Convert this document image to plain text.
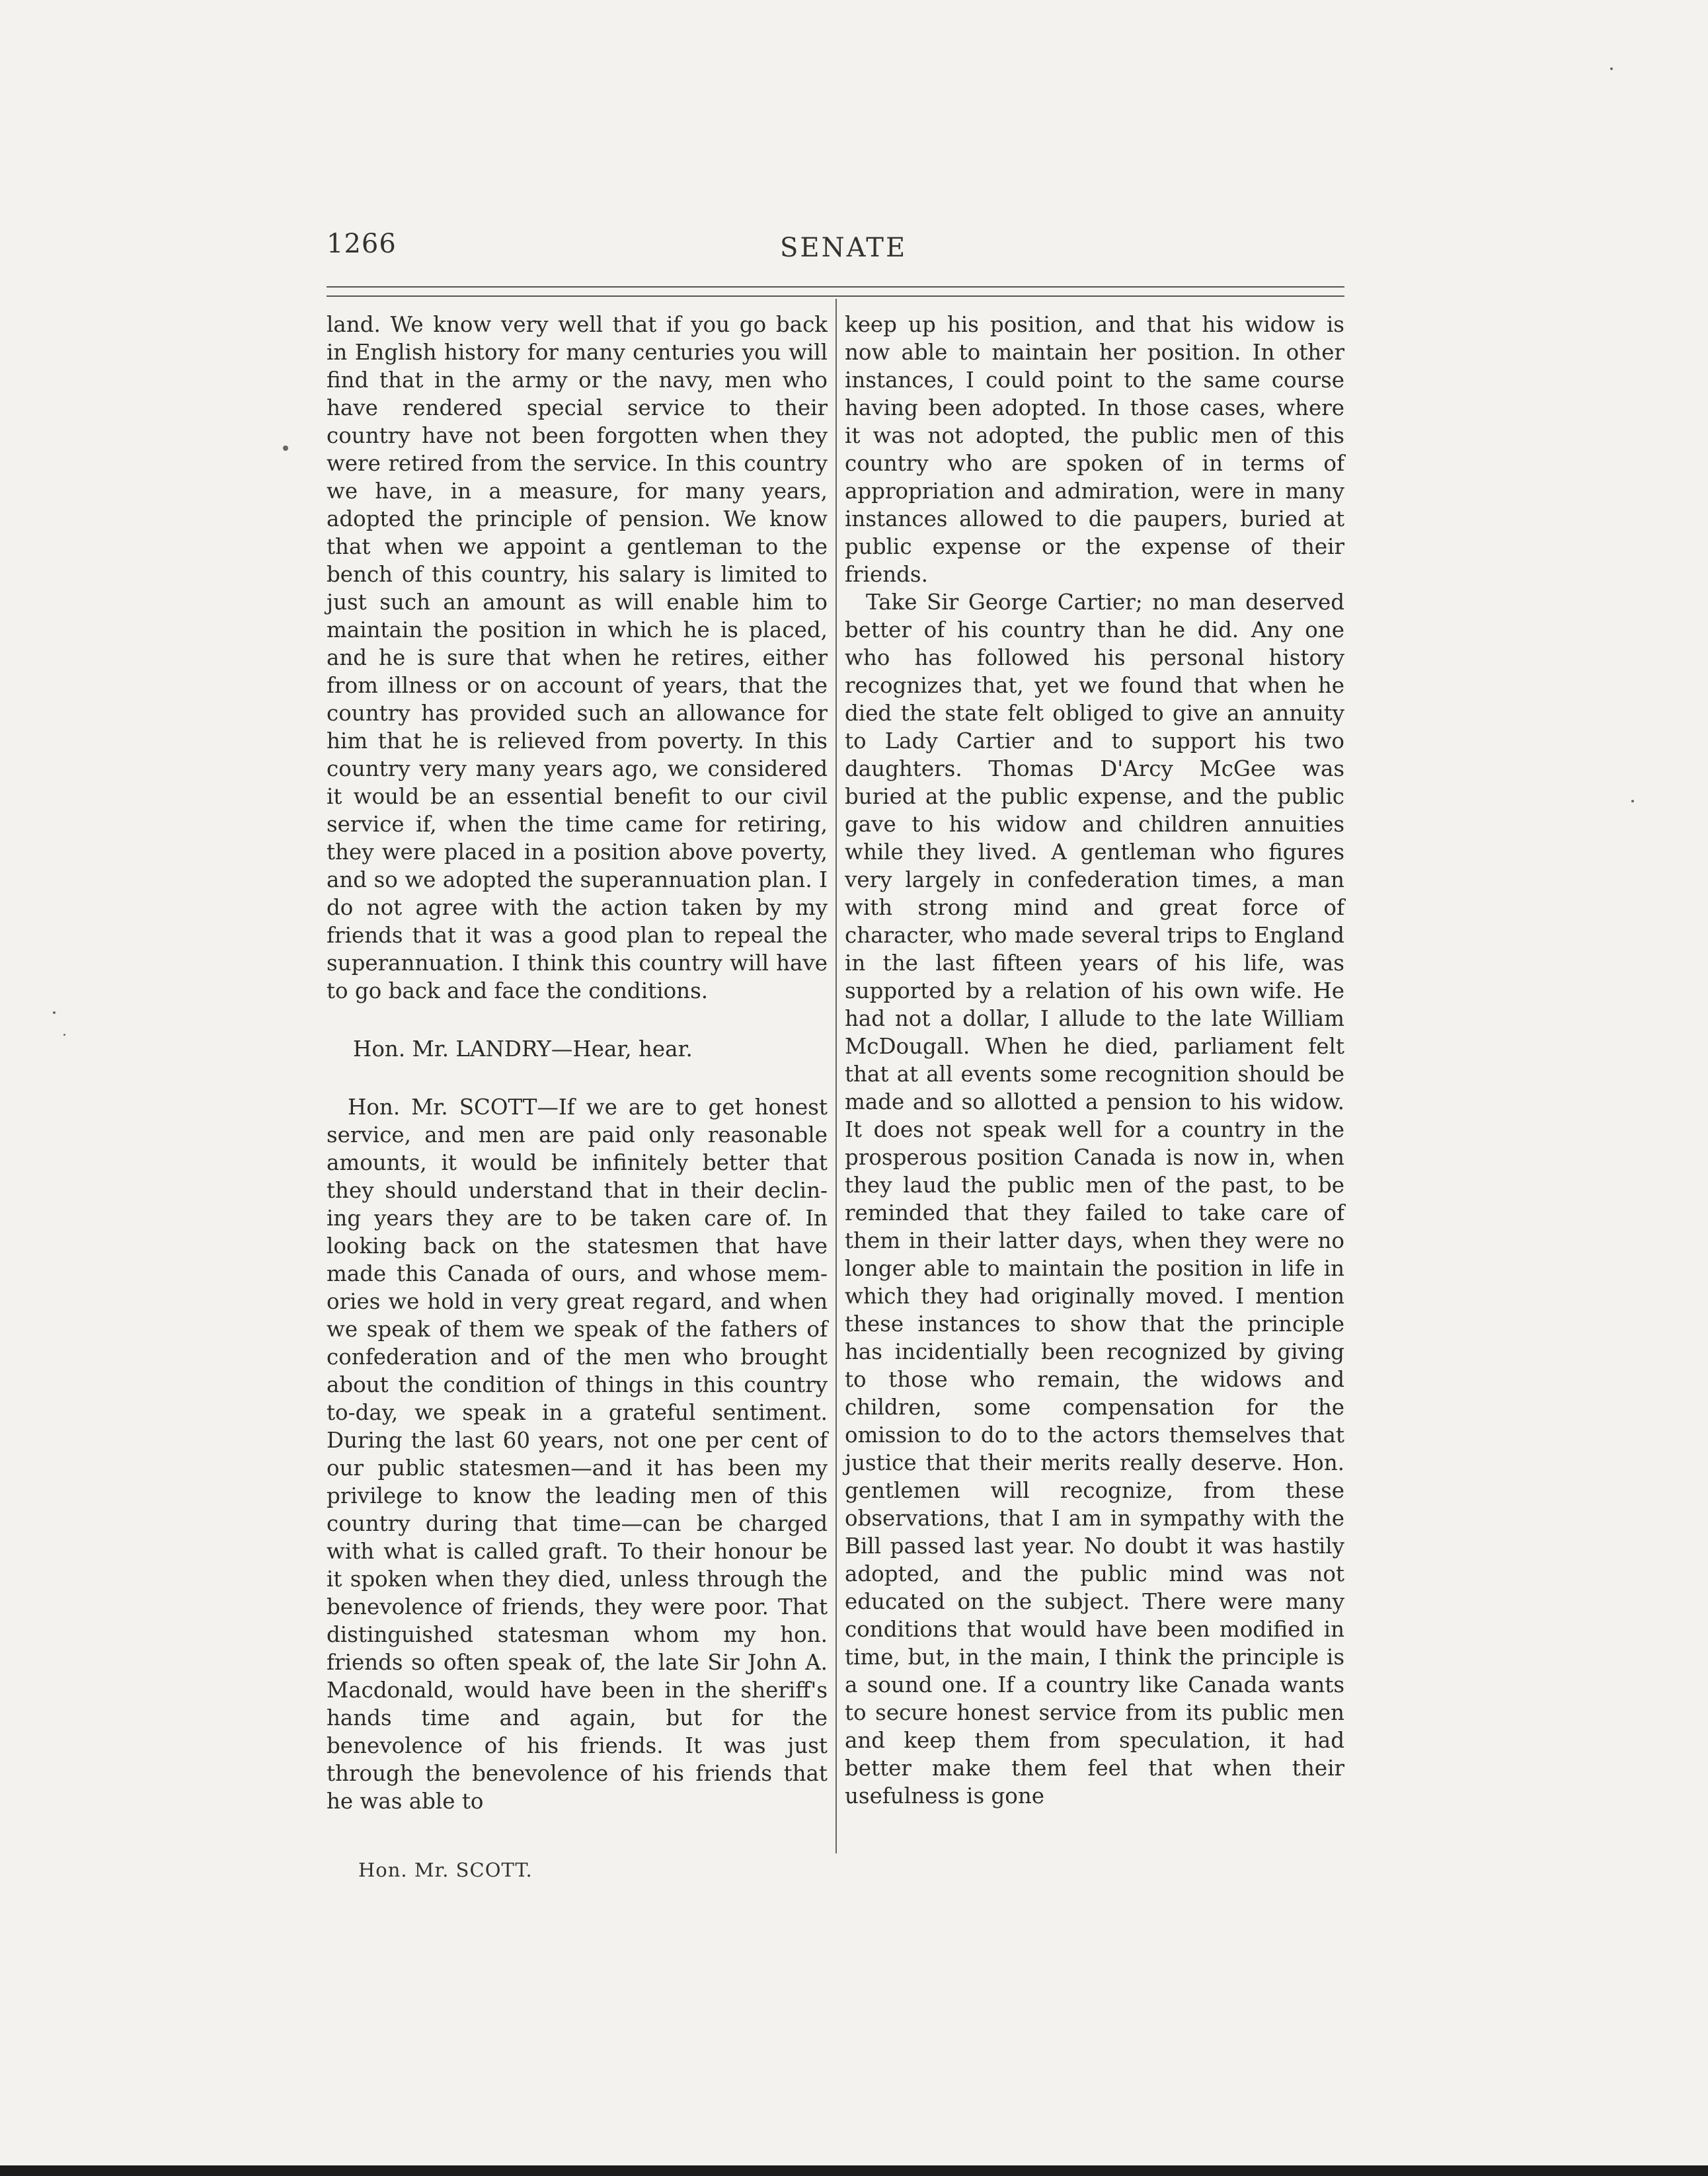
1266	SENATE

land. We know very well that if you go back in English history for many centuries you will find that in the army or the navy, men who have rendered special service to their country have not been forgotten when they were retired from the service. In this country we have, in a measure, for many years, adopted the principle of pension. We know that when we appoint a gentleman to the bench of this country, his salary is limited to just such an amount as will enable him to maintain the position in which he is placed, and he is sure that when he retires, either from illness or on account of years, that the country has provided such an allowance for him that he is relieved from poverty. In this country very many years ago, we considered it would be an essential benefit to our civil service if, when the time came for retiring, they were placed in a position above poverty, and so we adopted the superannuation plan. I do not agree with the action taken by my friends that it was a good plan to repeal the superannuation. I think this country will have to go back and face the conditions.

Hon. Mr. LANDRY—Hear, hear.

Hon. Mr. SCOTT—If we are to get honest service, and men are paid only reasonable amounts, it would be infinitely better that they should understand that in their declining years they are to be taken care of. In looking back on the statesmen that have made this Canada of ours, and whose memories we hold in very great regard, and when we speak of them we speak of the fathers of confederation and of the men who brought about the condition of things in this country to-day, we speak in a grateful sentiment. During the last 60 years, not one per cent of our public statesmen—and it has been my privilege to know the leading men of this country during that time—can be charged with what is called graft. To their honour be it spoken when they died, unless through the benevolence of friends, they were poor. That distinguished statesman whom my hon. friends so often speak of, the late Sir John A. Macdonald, would have been in the sheriff's hands time and again, but for the benevolence of his friends. It was just through the benevolence of his friends that he was able to

keep up his position, and that his widow is now able to maintain her position. In other instances, I could point to the same course having been adopted. In those cases, where it was not adopted, the public men of this country who are spoken of in terms of appropriation and admiration, were in many instances allowed to die paupers, buried at public expense or the expense of their friends.

Take Sir George Cartier; no man deserved better of his country than he did. Any one who has followed his personal history recognizes that, yet we found that when he died the state felt obliged to give an annuity to Lady Cartier and to support his two daughters. Thomas D'Arcy McGee was buried at the public expense, and the public gave to his widow and children annuities while they lived. A gentleman who figures very largely in confederation times, a man with strong mind and great force of character, who made several trips to England in the last fifteen years of his life, was supported by a relation of his own wife. He had not a dollar, I allude to the late William McDougall. When he died, parliament felt that at all events some recognition should be made and so allotted a pension to his widow. It does not speak well for a country in the prosperous position Canada is now in, when they laud the public men of the past, to be reminded that they failed to take care of them in their latter days, when they were no longer able to maintain the position in life in which they had originally moved. I mention these instances to show that the principle has incidentially been recognized by giving to those who remain, the widows and children, some compensation for the omission to do to the actors themselves that justice that their merits really deserve. Hon. gentlemen will recognize, from these observations, that I am in sympathy with the Bill passed last year. No doubt it was hastily adopted, and the public mind was not educated on the subject. There were many conditions that would have been modified in time, but, in the main, I think the principle is a sound one. If a country like Canada wants to secure honest service from its public men and keep them from speculation, it had better make them feel that when their usefulness is gone

Hon. Mr. SCOTT.
